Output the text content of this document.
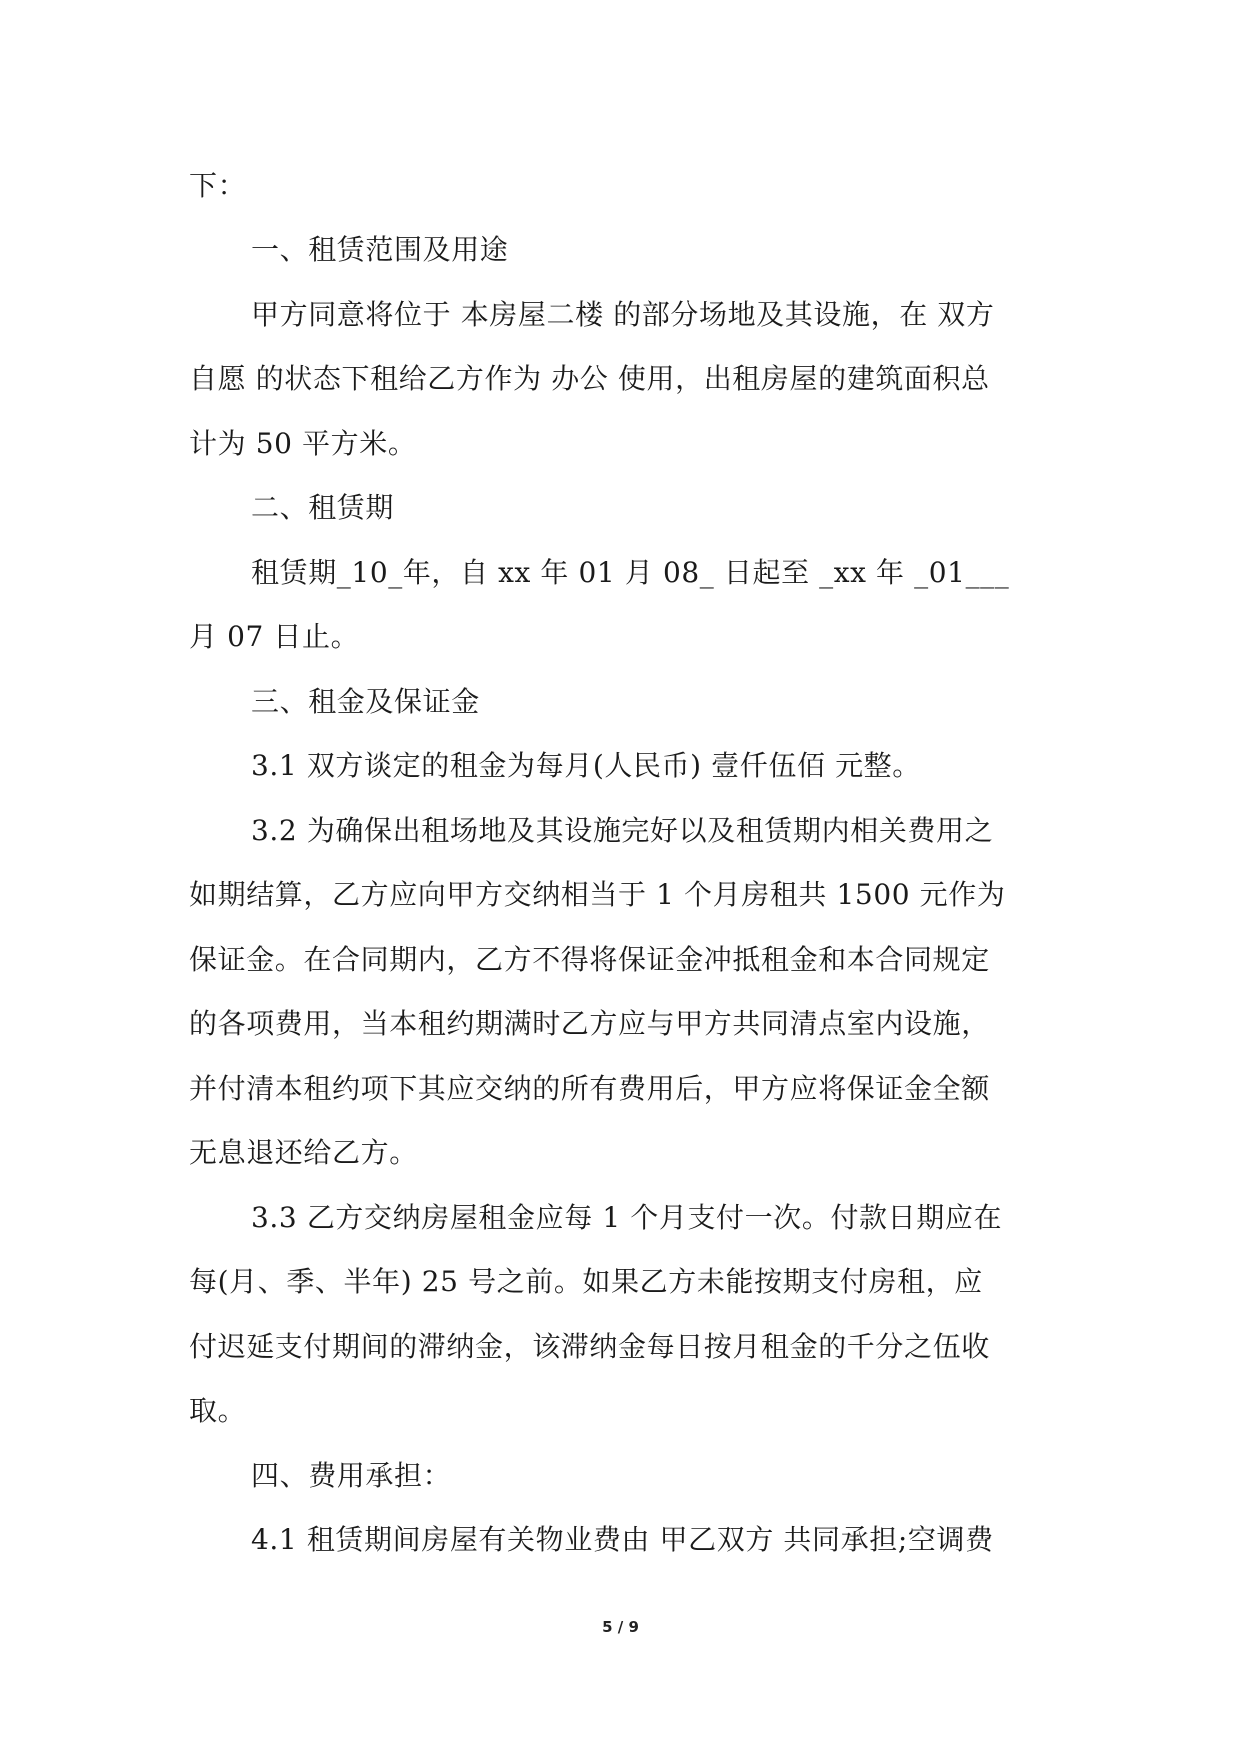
下：
一、租赁范围及用途
甲方同意将位于 本房屋二楼 的部分场地及其设施，在 双方
自愿 的状态下租给乙方作为 办公 使用，出租房屋的建筑面积总
计为 50 平方米。
二、租赁期
租赁期_10_年，自 xx 年 01 月 08_ 日起至 _xx 年 _01___
月 07 日止。
三、租金及保证金
3.1 双方谈定的租金为每月(人民币) 壹仟伍佰 元整。
3.2 为确保出租场地及其设施完好以及租赁期内相关费用之
如期结算，乙方应向甲方交纳相当于 1 个月房租共 1500 元作为
保证金。在合同期内，乙方不得将保证金冲抵租金和本合同规定
的各项费用，当本租约期满时乙方应与甲方共同清点室内设施，
并付清本租约项下其应交纳的所有费用后，甲方应将保证金全额
无息退还给乙方。
3.3 乙方交纳房屋租金应每 1 个月支付一次。付款日期应在
每(月、季、半年) 25 号之前。如果乙方未能按期支付房租，应
付迟延支付期间的滞纳金，该滞纳金每日按月租金的千分之伍收
取。
四、费用承担：
4.1 租赁期间房屋有关物业费由 甲乙双方 共同承担;空调费
5 / 9
